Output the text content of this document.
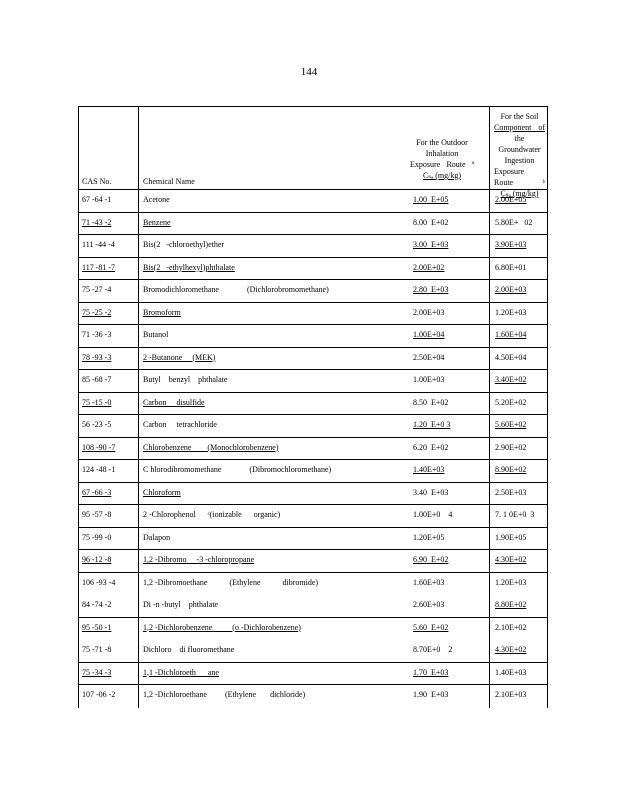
144
CAS No.	Chemical Name
For the Outdoor
Inhalation
Exposure Route ª
Cₛₐ (mg/kg)
For the Soil
Component of
the Groundwater
Ingestion
Exposure Route ᵇ
Cₛₐ (mg/kg)
67 -64 -1	Acetone	1.00  E+05	2.00E+05
71 -43 -2	Benzene	8.00  E+02	5.80E+   02
111 -44 -4	Bis(2   -chloroethyl)ether	3.00  E+03	3.90E+03
117 -81 -7	Bis(2   -ethylhexyl)phthalate	2.00E+02	6.80E+01
75 -27 -4	Bromodichloromethane              (Dichlorobromomethane)	2.80  E+03	2.00E+03
75 -25 -2	Bromoform	2.00E+03	1.20E+03
71 -36 -3	Butanol	1.00E+04	1.60E+04
78 -93 -3	2 -Butanone     (MEK)	2.50E+04	4.50E+04
85 -68 -7	Butyl    benzyl    phthalate	1.00E+03	3.40E+02
75 -15 -0	Carbon     disulfide	8.50  E+02	5.20E+02
56 -23 -5	Carbon     tetrachloride	1.20  E+0 3	5.60E+02
108 -90 -7	Chlorobenzene        (Monochlorobenzene)	6.20  E+02	2.90E+02
124 -48 -1	C hlorodibromomethane              (Dibromochloromethane)	1.40E+03	8.90E+02
67 -66 -3	Chloroform	3.40  E+03	2.50E+03
95 -57 -8	2 -Chlorophenol      ᶜ(ionizable      organic)	1.00E+0    4	7. 1 0E+0  3
75 -99 -0	Dalapon	1.20E+05	1.90E+05
96 -12 -8	1,2 -Dibromo     -3 -chloropropane	6.90  E+02	4.30E+02
106 -93 -4	1,2 -Dibromoethane           (Ethylene           dibromide)	1.60E+03	1.20E+03
84 -74 -2	Di -n -butyl    phthalate	2.60E+03	8.80E+02
95 -50 -1	1,2 -Dichlorobenzene          (o -Dichlorobenzene)	5.60  E+02	2.10E+02
75 -71 -8	Dichloro    di fluoromethane	8.70E+0    2	4.30E+02
75 -34 -3	1,1 -Dichloroeth      ane	1.70  E+03	1.40E+03
107 -06 -2	1,2 -Dichloroethane         (Ethylene       dichloride)	1.90  E+03	2.10E+03
